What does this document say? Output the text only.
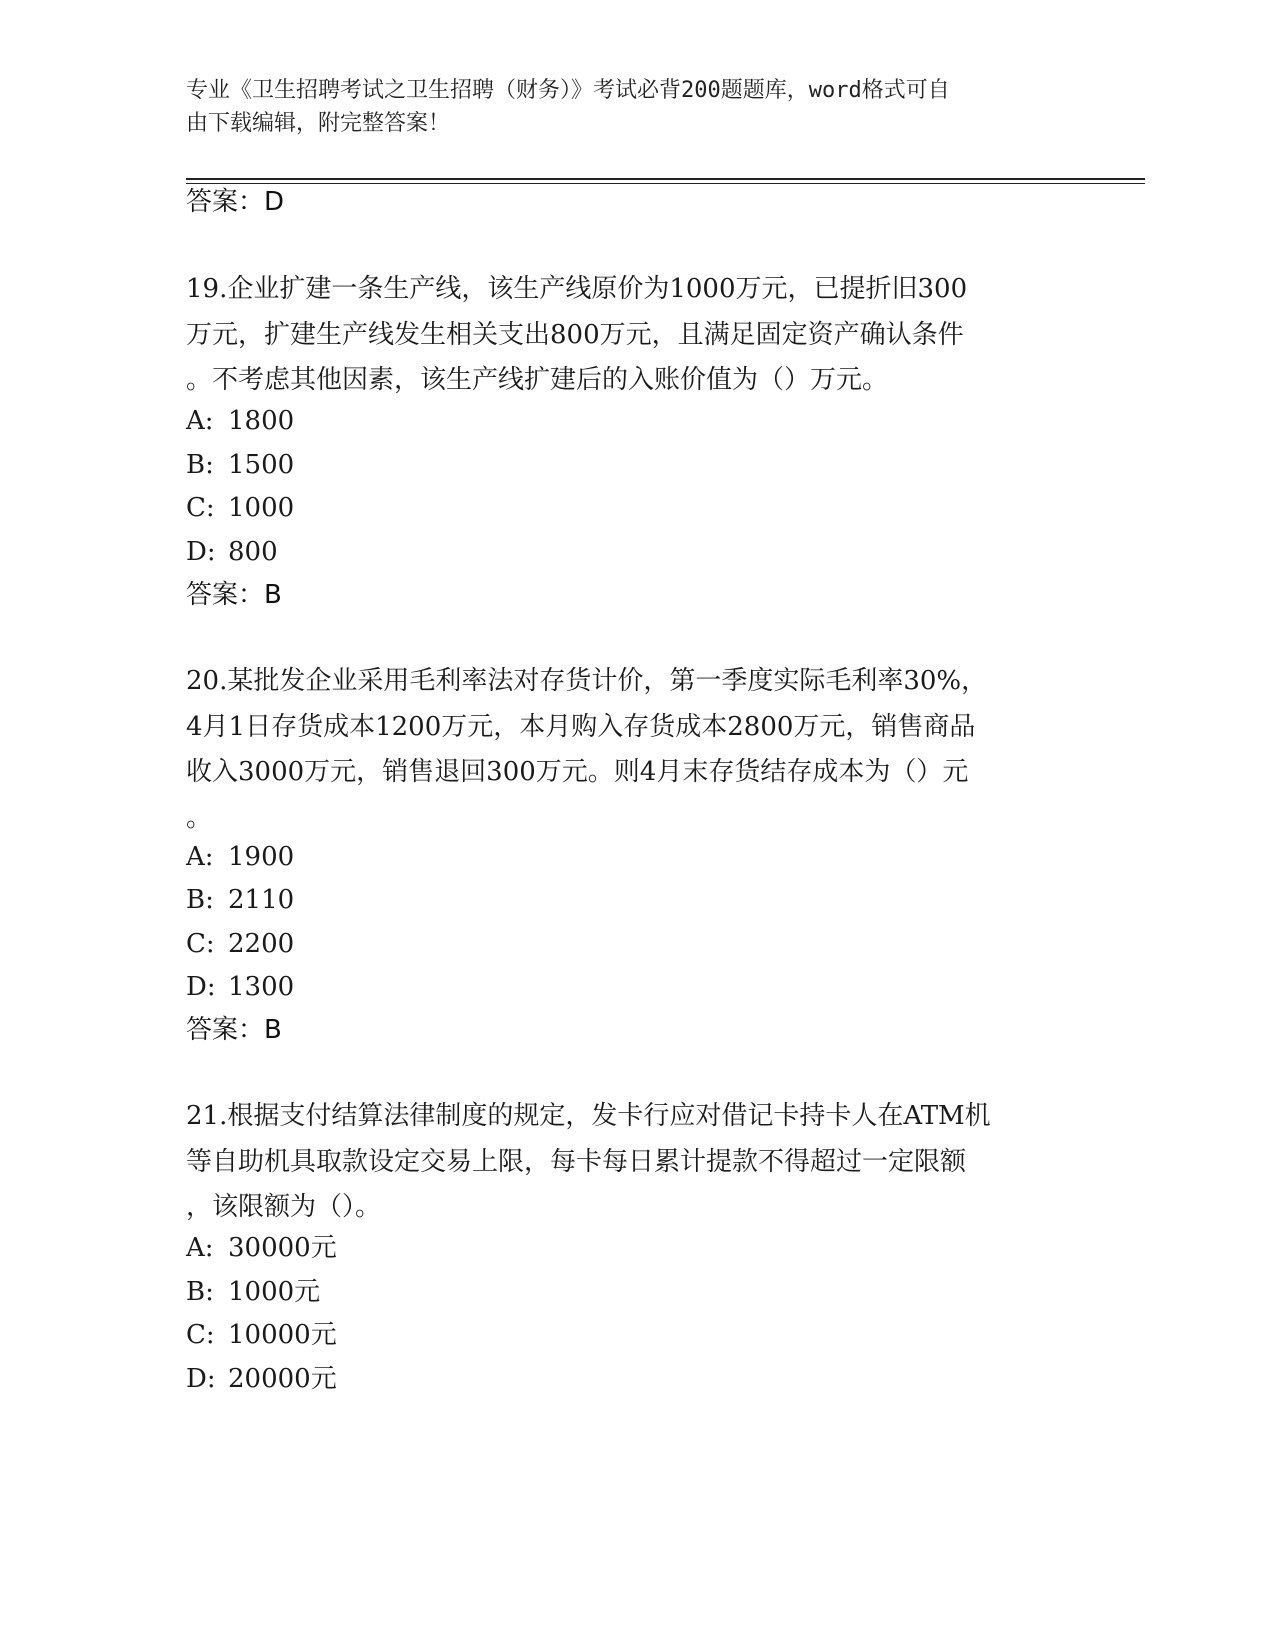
专业《卫生招聘考试之卫生招聘（财务）》考试必背200题题库，word格式可自
由下载编辑，附完整答案！
答案：D
19.企业扩建一条生产线，该生产线原价为1000万元，已提折旧300
万元，扩建生产线发生相关支出800万元，且满足固定资产确认条件
。不考虑其他因素，该生产线扩建后的入账价值为（）万元。
A: 1800
B: 1500
C: 1000
D: 800
答案：B
20.某批发企业采用毛利率法对存货计价，第一季度实际毛利率30%，
4月1日存货成本1200万元，本月购入存货成本2800万元，销售商品
收入3000万元，销售退回300万元。则4月末存货结存成本为（）元
。
A: 1900
B: 2110
C: 2200
D: 1300
答案：B
21.根据支付结算法律制度的规定，发卡行应对借记卡持卡人在ATM机
等自助机具取款设定交易上限，每卡每日累计提款不得超过一定限额
，该限额为（）。
A: 30000元
B: 1000元
C: 10000元
D: 20000元
